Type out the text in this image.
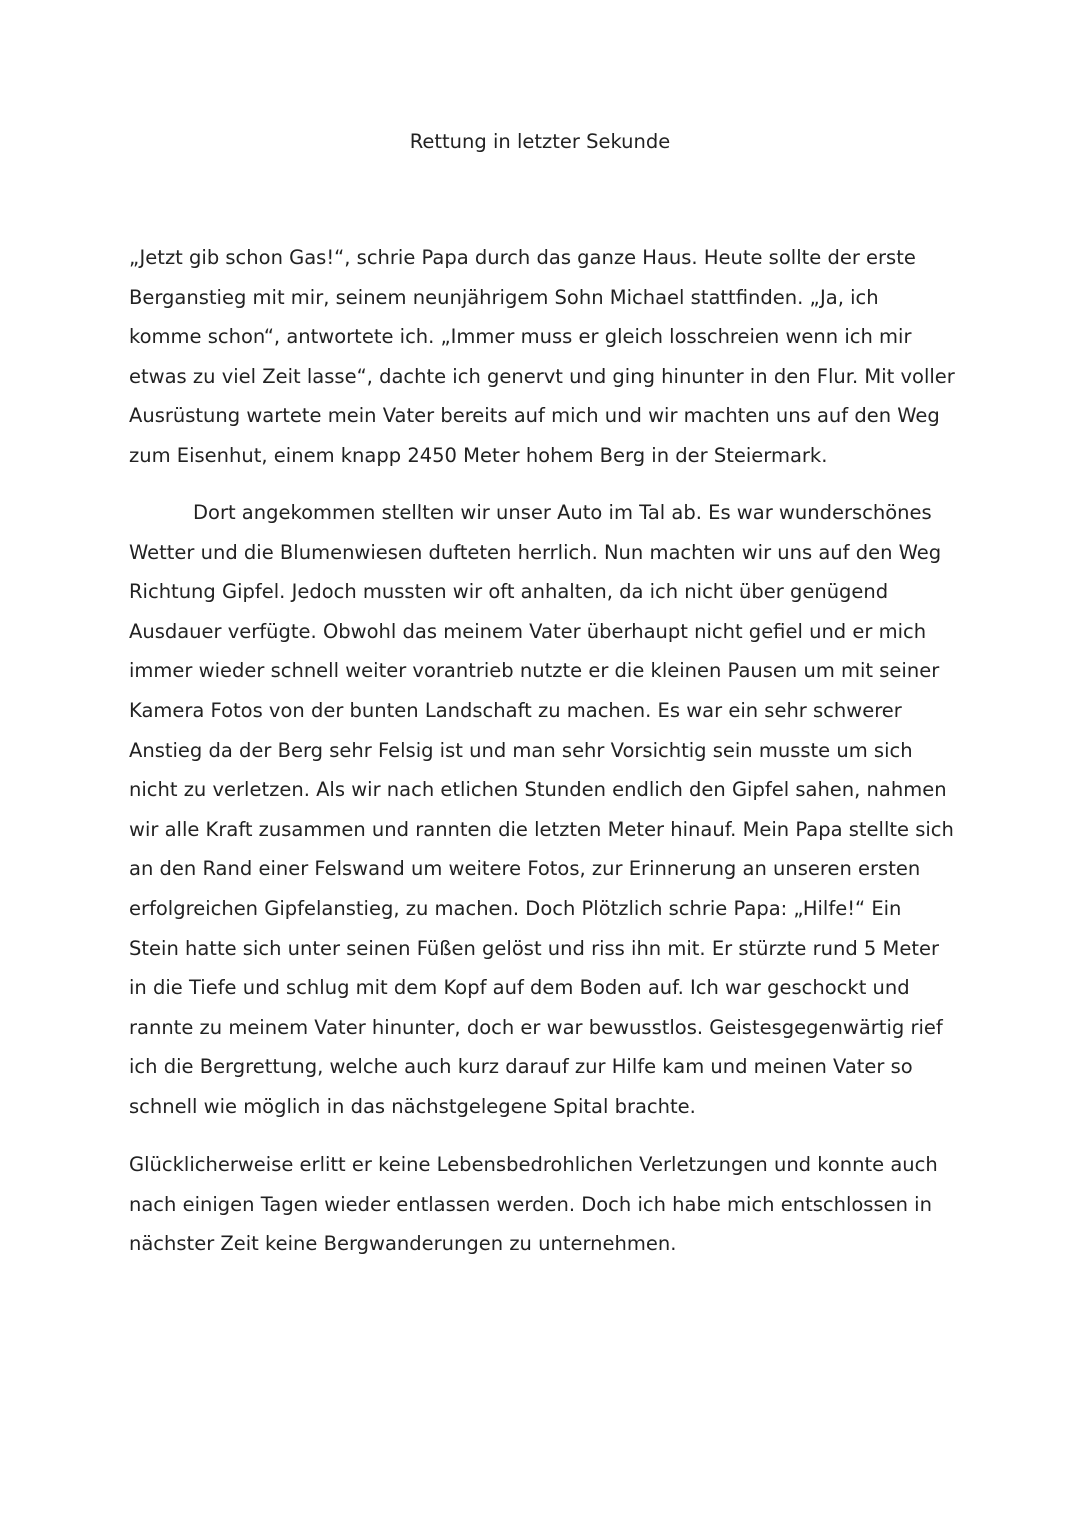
Rettung in letzter Sekunde

„Jetzt gib schon Gas!“, schrie Papa durch das ganze Haus. Heute sollte der erste Berganstieg mit mir, seinem neunjährigem Sohn Michael stattfinden. „Ja, ich komme schon“, antwortete ich. „Immer muss er gleich losschreien wenn ich mir etwas zu viel Zeit lasse“, dachte ich genervt und ging hinunter in den Flur. Mit voller Ausrüstung wartete mein Vater bereits auf mich und wir machten uns auf den Weg zum Eisenhut, einem knapp 2450 Meter hohem Berg in der Steiermark.

Dort angekommen stellten wir unser Auto im Tal ab. Es war wunderschönes Wetter und die Blumenwiesen dufteten herrlich. Nun machten wir uns auf den Weg Richtung Gipfel. Jedoch mussten wir oft anhalten, da ich nicht über genügend Ausdauer verfügte. Obwohl das meinem Vater überhaupt nicht gefiel und er mich immer wieder schnell weiter vorantrieb nutzte er die kleinen Pausen um mit seiner Kamera Fotos von der bunten Landschaft zu machen. Es war ein sehr schwerer Anstieg da der Berg sehr Felsig ist und man sehr Vorsichtig sein musste um sich nicht zu verletzen. Als wir nach etlichen Stunden endlich den Gipfel sahen, nahmen wir alle Kraft zusammen und rannten die letzten Meter hinauf. Mein Papa stellte sich an den Rand einer Felswand um weitere Fotos, zur Erinnerung an unseren ersten erfolgreichen Gipfelanstieg, zu machen. Doch Plötzlich schrie Papa: „Hilfe!“ Ein Stein hatte sich unter seinen Füßen gelöst und riss ihn mit. Er stürzte rund 5 Meter in die Tiefe und schlug mit dem Kopf auf dem Boden auf. Ich war geschockt und rannte zu meinem Vater hinunter, doch er war bewusstlos. Geistesgegenwärtig rief ich die Bergrettung, welche auch kurz darauf zur Hilfe kam und meinen Vater so schnell wie möglich in das nächstgelegene Spital brachte.

Glücklicherweise erlitt er keine Lebensbedrohlichen Verletzungen und konnte auch nach einigen Tagen wieder entlassen werden. Doch ich habe mich entschlossen in nächster Zeit keine Bergwanderungen zu unternehmen.
